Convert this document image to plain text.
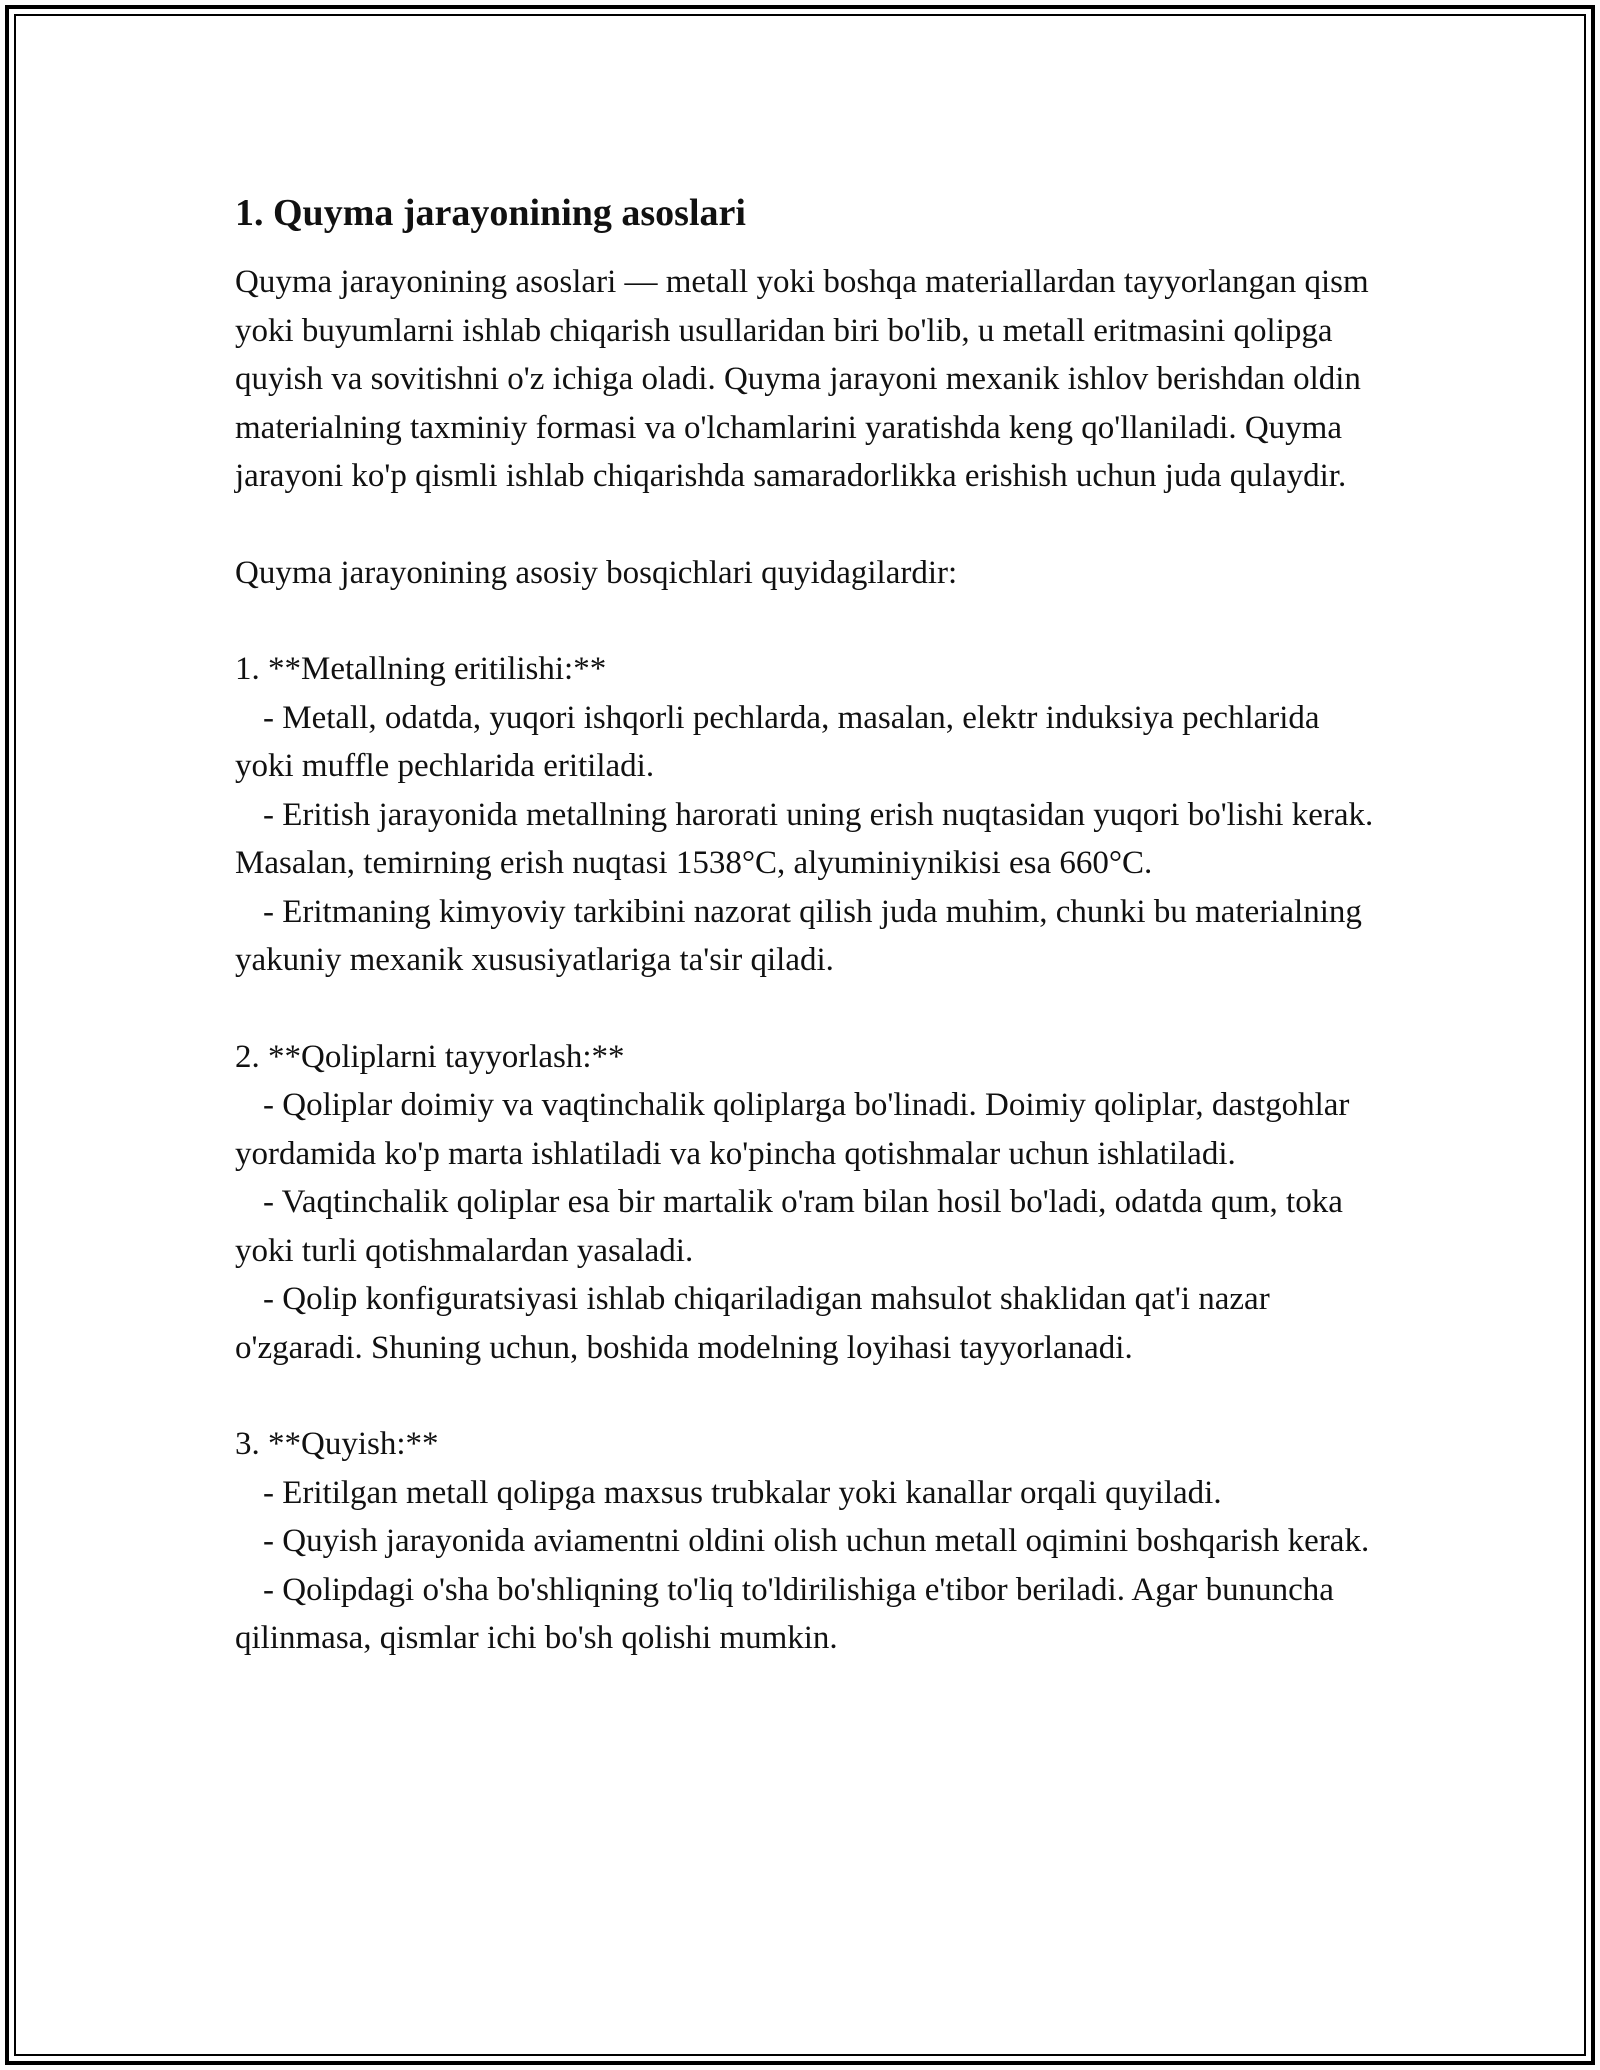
1. Quyma jarayonining asoslari
Quyma jarayonining asoslari — metall yoki boshqa materiallardan tayyorlangan qism yoki buyumlarni ishlab chiqarish usullaridan biri bo'lib, u metall eritmasini qolipga quyish va sovitishni o'z ichiga oladi. Quyma jarayoni mexanik ishlov berishdan oldin materialning taxminiy formasi va o'lchamlarini yaratishda keng qo'llaniladi. Quyma jarayoni ko'p qismli ishlab chiqarishda samaradorlikka erishish uchun juda qulaydir.
Quyma jarayonining asosiy bosqichlari quyidagilardir:
1. **Metallning eritilishi:**
- Metall, odatda, yuqori ishqorli pechlarda, masalan, elektr induksiya pechlarida yoki muffle pechlarida eritiladi.
- Eritish jarayonida metallning harorati uning erish nuqtasidan yuqori bo'lishi kerak. Masalan, temirning erish nuqtasi 1538°C, alyuminiynikisi esa 660°C.
- Eritmaning kimyoviy tarkibini nazorat qilish juda muhim, chunki bu materialning yakuniy mexanik xususiyatlariga ta'sir qiladi.
2. **Qoliplarni tayyorlash:**
- Qoliplar doimiy va vaqtinchalik qoliplarga bo'linadi. Doimiy qoliplar, dastgohlar yordamida ko'p marta ishlatiladi va ko'pincha qotishmalar uchun ishlatiladi.
- Vaqtinchalik qoliplar esa bir martalik o'ram bilan hosil bo'ladi, odatda qum, toka yoki turli qotishmalardan yasaladi.
- Qolip konfiguratsiyasi ishlab chiqariladigan mahsulot shaklidan qat'i nazar o'zgaradi. Shuning uchun, boshida modelning loyihasi tayyorlanadi.
3. **Quyish:**
- Eritilgan metall qolipga maxsus trubkalar yoki kanallar orqali quyiladi.
- Quyish jarayonida aviamentni oldini olish uchun metall oqimini boshqarish kerak.
- Qolipdagi o'sha bo'shliqning to'liq to'ldirilishiga e'tibor beriladi. Agar bununcha qilinmasa, qismlar ichi bo'sh qolishi mumkin.
